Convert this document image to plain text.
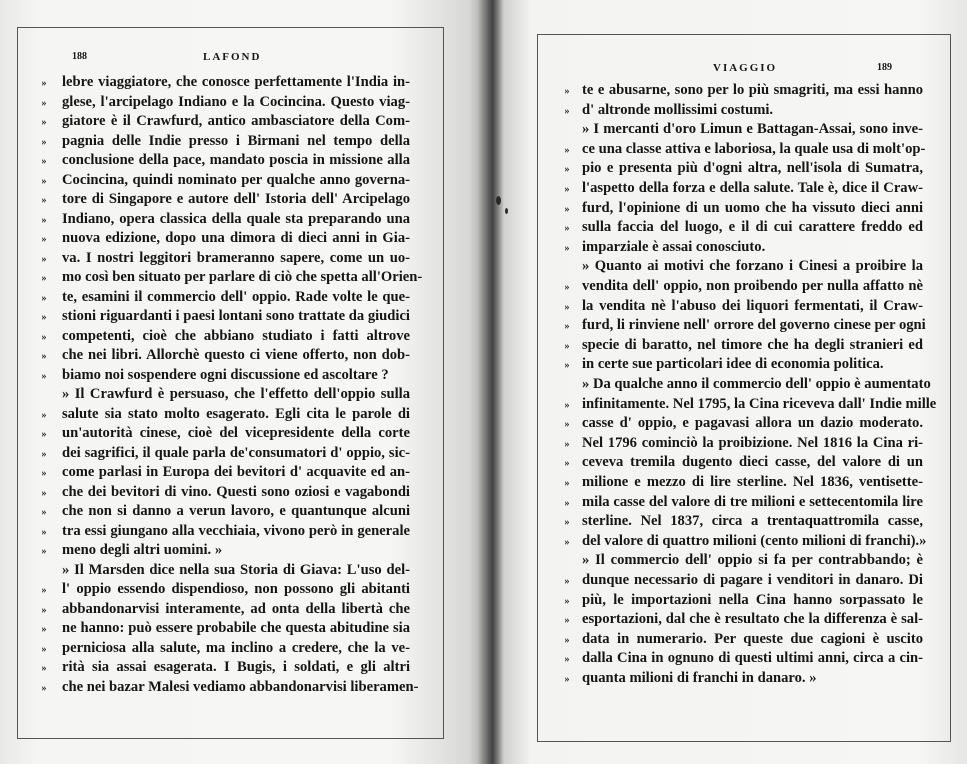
188	LAFOND
»
»
»
»
»
»
»
»
»
»
»
»
»
»
»
»
»
»
»
»
»
»
»
»
»
»
»
»
»
»
lebre viaggiatore, che conosce perfettamente l'India in-
glese, l'arcipelago Indiano e la Cocincina. Questo viag-
giatore è il Crawfurd, antico ambasciatore della Com-
pagnia delle Indie presso i Birmani nel tempo della
conclusione della pace, mandato poscia in missione alla
Cocincina, quindi nominato per qualche anno governa-
tore di Singapore e autore dell' Istoria dell' Arcipelago
Indiano, opera classica della quale sta preparando una
nuova edizione, dopo una dimora di dieci anni in Gia-
va. I nostri leggitori brameranno sapere, come un uo-
mo così ben situato per parlare di ciò che spetta all'Orien-
te, esamini il commercio dell' oppio. Rade volte le que-
stioni riguardanti i paesi lontani sono trattate da giudici
competenti, cioè che abbiano studiato i fatti altrove
che nei libri. Allorchè questo ci viene offerto, non dob-
biamo noi sospendere ogni discussione ed ascoltare ?
» Il Crawfurd è persuaso, che l'effetto dell'oppio sulla
salute sia stato molto esagerato. Egli cita le parole di
un'autorità cinese, cioè del vicepresidente della corte
dei sagrifici, il quale parla de'consumatori d' oppio, sic-
come parlasi in Europa dei bevitori d' acquavite ed an-
che dei bevitori di vino. Questi sono oziosi e vagabondi
che non si danno a verun lavoro, e quantunque alcuni
tra essi giungano alla vecchiaia, vivono però in generale
meno degli altri uomini. »
» Il Marsden dice nella sua Storia di Giava: L'uso del-
l' oppio essendo dispendioso, non possono gli abitanti
abbandonarvisi interamente, ad onta della libertà che
ne hanno: può essere probabile che questa abitudine sia
perniciosa alla salute, ma inclino a credere, che la ve-
rità sia assai esagerata. I Bugis, i soldati, e gli altri
che nei bazar Malesi vediamo abbandonarvisi liberamen-
VIAGGIO	189
»
»
»
»
»
»
»
»
»
»
»
»
»
»
»
»
»
»
»
»
»
»
»
»
»
»
»
te e abusarne, sono per lo più smagriti, ma essi hanno
d' altronde mollissimi costumi.
» I mercanti d'oro Limun e Battagan-Assai, sono inve-
ce una classe attiva e laboriosa, la quale usa di molt'op-
pio e presenta più d'ogni altra, nell'isola di Sumatra,
l'aspetto della forza e della salute. Tale è, dice il Craw-
furd, l'opinione di un uomo che ha vissuto dieci anni
sulla faccia del luogo, e il di cui carattere freddo ed
imparziale è assai conosciuto.
» Quanto ai motivi che forzano i Cinesi a proibire la
vendita dell' oppio, non proibendo per nulla affatto nè
la vendita nè l'abuso dei liquori fermentati, il Craw-
furd, li rinviene nell' orrore del governo cinese per ogni
specie di baratto, nel timore che ha degli stranieri ed
in certe sue particolari idee di economia politica.
» Da qualche anno il commercio dell' oppio è aumentato
infinitamente. Nel 1795, la Cina riceveva dall' Indie mille
casse d' oppio, e pagavasi allora un dazio moderato.
Nel 1796 cominciò la proibizione. Nel 1816 la Cina ri-
ceveva tremila dugento dieci casse, del valore di un
milione e mezzo di lire sterline. Nel 1836, ventisette-
mila casse del valore di tre milioni e settecentomila lire
sterline. Nel 1837, circa a trentaquattromila casse,
del valore di quattro milioni (cento milioni di franchi).»
» Il commercio dell' oppio si fa per contrabbando; è
dunque necessario di pagare i venditori in danaro. Di
più, le importazioni nella Cina hanno sorpassato le
esportazioni, dal che è resultato che la differenza è sal-
data in numerario. Per queste due cagioni è uscito
dalla Cina in ognuno di questi ultimi anni, circa a cin-
quanta milioni di franchi in danaro. »
